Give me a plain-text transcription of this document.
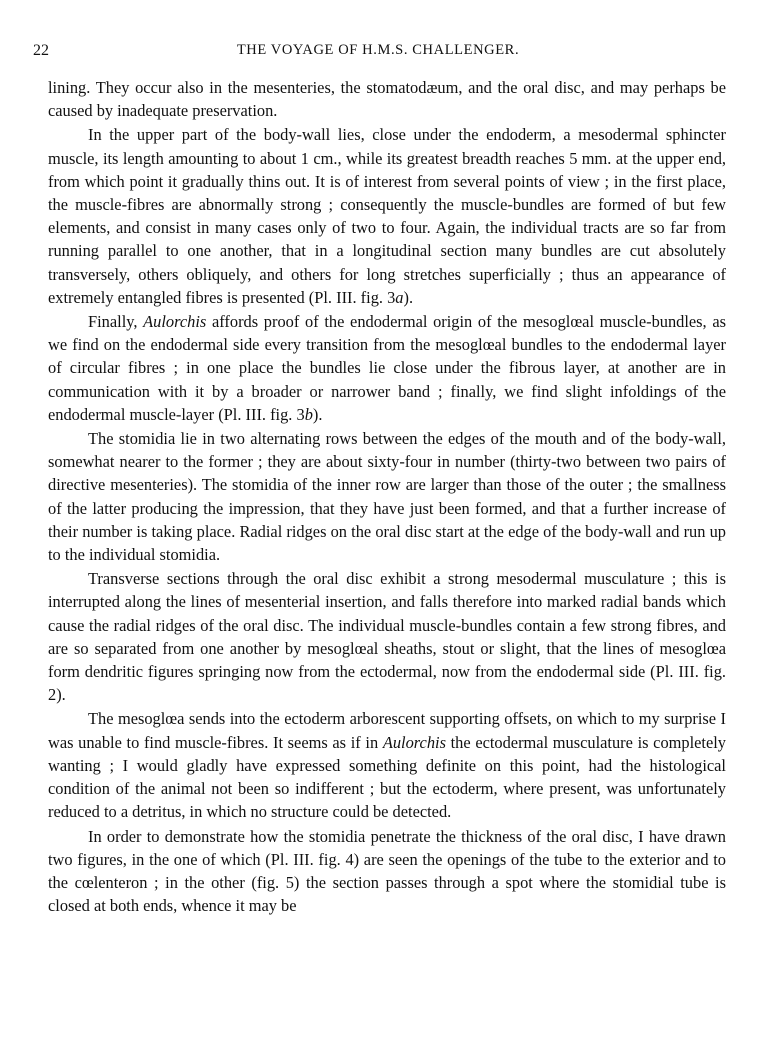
22	THE VOYAGE OF H.M.S. CHALLENGER.

lining. They occur also in the mesenteries, the stomatodæum, and the oral disc, and may perhaps be caused by inadequate preservation.

In the upper part of the body-wall lies, close under the endoderm, a mesodermal sphincter muscle, its length amounting to about 1 cm., while its greatest breadth reaches 5 mm. at the upper end, from which point it gradually thins out. It is of interest from several points of view ; in the first place, the muscle-fibres are abnormally strong ; consequently the muscle-bundles are formed of but few elements, and consist in many cases only of two to four. Again, the individual tracts are so far from running parallel to one another, that in a longitudinal section many bundles are cut absolutely transversely, others obliquely, and others for long stretches superficially ; thus an appearance of extremely entangled fibres is presented (Pl. III. fig. 3a).

Finally, Aulorchis affords proof of the endodermal origin of the mesoglœal muscle-bundles, as we find on the endodermal side every transition from the mesoglœal bundles to the endodermal layer of circular fibres ; in one place the bundles lie close under the fibrous layer, at another are in communication with it by a broader or narrower band ; finally, we find slight infoldings of the endodermal muscle-layer (Pl. III. fig. 3b).

The stomidia lie in two alternating rows between the edges of the mouth and of the body-wall, somewhat nearer to the former ; they are about sixty-four in number (thirty-two between two pairs of directive mesenteries). The stomidia of the inner row are larger than those of the outer ; the smallness of the latter producing the impression, that they have just been formed, and that a further increase of their number is taking place. Radial ridges on the oral disc start at the edge of the body-wall and run up to the individual stomidia.

Transverse sections through the oral disc exhibit a strong mesodermal musculature ; this is interrupted along the lines of mesenterial insertion, and falls therefore into marked radial bands which cause the radial ridges of the oral disc. The individual muscle-bundles contain a few strong fibres, and are so separated from one another by mesoglœal sheaths, stout or slight, that the lines of mesoglœa form dendritic figures springing now from the ectodermal, now from the endodermal side (Pl. III. fig. 2).

The mesoglœa sends into the ectoderm arborescent supporting offsets, on which to my surprise I was unable to find muscle-fibres. It seems as if in Aulorchis the ectodermal musculature is completely wanting ; I would gladly have expressed something definite on this point, had the histological condition of the animal not been so indifferent ; but the ectoderm, where present, was unfortunately reduced to a detritus, in which no structure could be detected.

In order to demonstrate how the stomidia penetrate the thickness of the oral disc, I have drawn two figures, in the one of which (Pl. III. fig. 4) are seen the openings of the tube to the exterior and to the cœlenteron ; in the other (fig. 5) the section passes through a spot where the stomidial tube is closed at both ends, whence it may be
